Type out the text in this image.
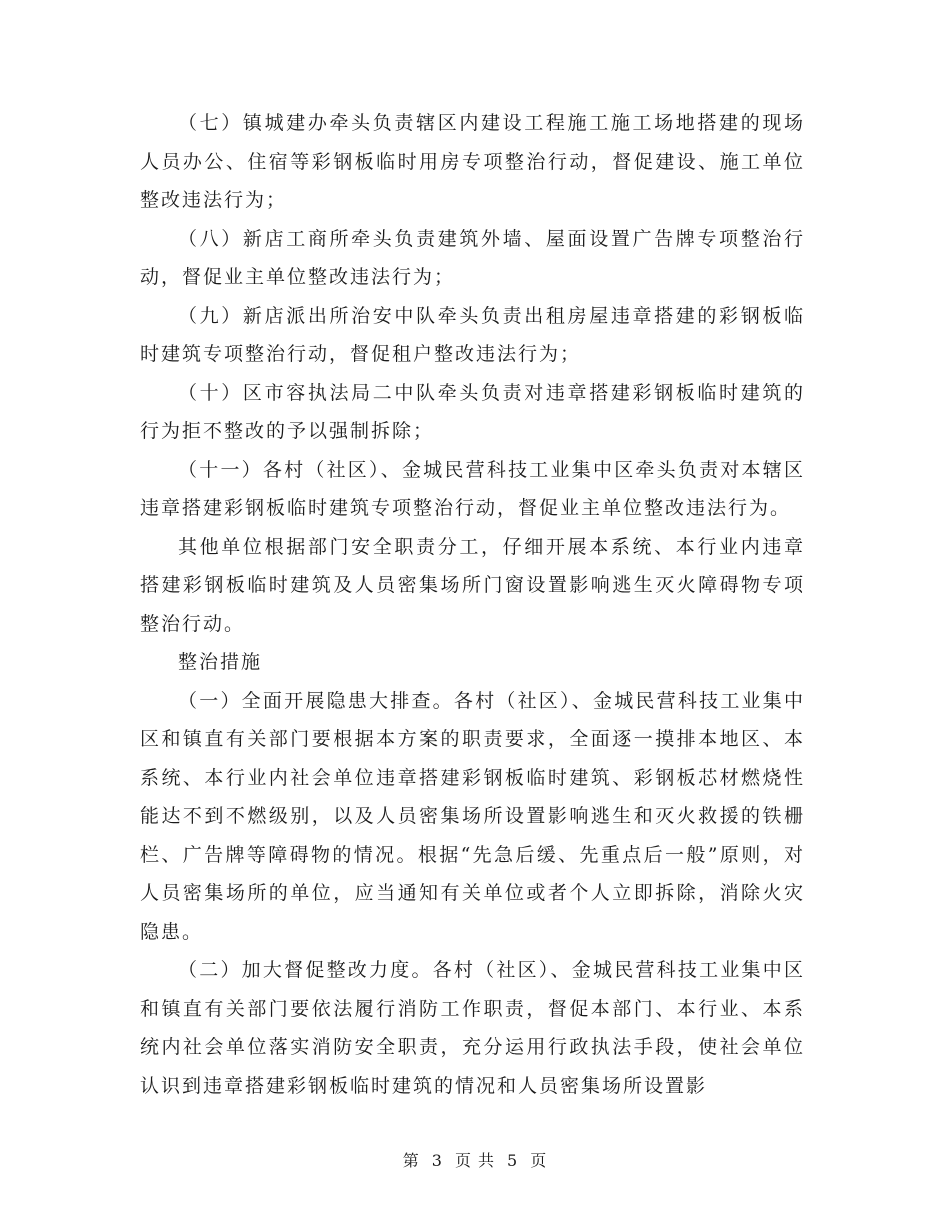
（七）镇城建办牵头负责辖区内建设工程施工施工场地搭建的现场人员办公、住宿等彩钢板临时用房专项整治行动，督促建设、施工单位整改违法行为；

（八）新店工商所牵头负责建筑外墙、屋面设置广告牌专项整治行动，督促业主单位整改违法行为；

（九）新店派出所治安中队牵头负责出租房屋违章搭建的彩钢板临时建筑专项整治行动，督促租户整改违法行为；

（十）区市容执法局二中队牵头负责对违章搭建彩钢板临时建筑的行为拒不整改的予以强制拆除；

（十一）各村（社区）、金城民营科技工业集中区牵头负责对本辖区违章搭建彩钢板临时建筑专项整治行动，督促业主单位整改违法行为。

其他单位根据部门安全职责分工，仔细开展本系统、本行业内违章搭建彩钢板临时建筑及人员密集场所门窗设置影响逃生灭火障碍物专项整治行动。

整治措施

（一）全面开展隐患大排查。各村（社区）、金城民营科技工业集中区和镇直有关部门要根据本方案的职责要求，全面逐一摸排本地区、本系统、本行业内社会单位违章搭建彩钢板临时建筑、彩钢板芯材燃烧性能达不到不燃级别，以及人员密集场所设置影响逃生和灭火救援的铁栅栏、广告牌等障碍物的情况。根据“先急后缓、先重点后一般”原则，对人员密集场所的单位，应当通知有关单位或者个人立即拆除，消除火灾隐患。

（二）加大督促整改力度。各村（社区）、金城民营科技工业集中区和镇直有关部门要依法履行消防工作职责，督促本部门、本行业、本系统内社会单位落实消防安全职责，充分运用行政执法手段，使社会单位认识到违章搭建彩钢板临时建筑的情况和人员密集场所设置影

第 3 页 共 5 页
